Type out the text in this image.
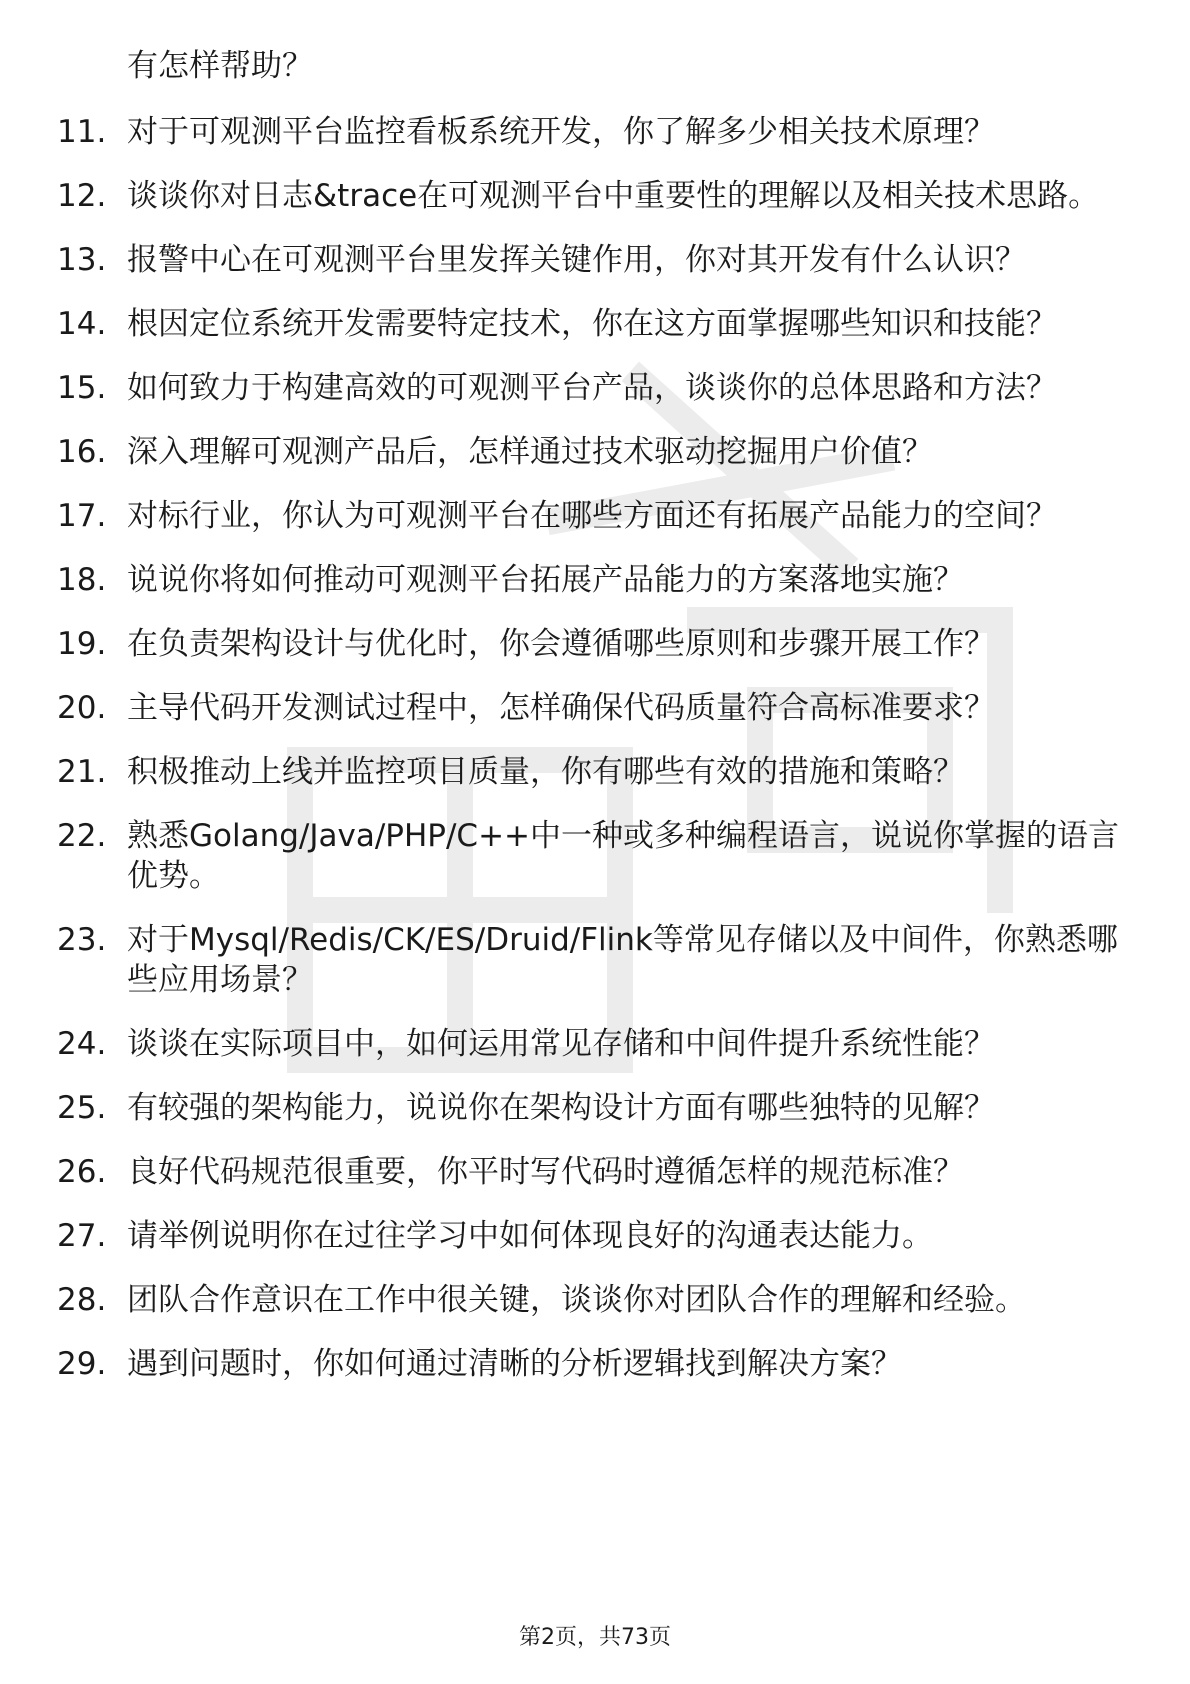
有怎样帮助？

11. 对于可观测平台监控看板系统开发，你了解多少相关技术原理？
12. 谈谈你对日志&trace在可观测平台中重要性的理解以及相关技术思路。
13. 报警中心在可观测平台里发挥关键作用，你对其开发有什么认识？
14. 根因定位系统开发需要特定技术，你在这方面掌握哪些知识和技能？
15. 如何致力于构建高效的可观测平台产品，谈谈你的总体思路和方法？
16. 深入理解可观测产品后，怎样通过技术驱动挖掘用户价值？
17. 对标行业，你认为可观测平台在哪些方面还有拓展产品能力的空间？
18. 说说你将如何推动可观测平台拓展产品能力的方案落地实施？
19. 在负责架构设计与优化时，你会遵循哪些原则和步骤开展工作？
20. 主导代码开发测试过程中，怎样确保代码质量符合高标准要求？
21. 积极推动上线并监控项目质量，你有哪些有效的措施和策略？
22. 熟悉Golang/Java/PHP/C++中一种或多种编程语言，说说你掌握的语言优势。
23. 对于Mysql/Redis/CK/ES/Druid/Flink等常见存储以及中间件，你熟悉哪些应用场景？
24. 谈谈在实际项目中，如何运用常见存储和中间件提升系统性能？
25. 有较强的架构能力，说说你在架构设计方面有哪些独特的见解？
26. 良好代码规范很重要，你平时写代码时遵循怎样的规范标准？
27. 请举例说明你在过往学习中如何体现良好的沟通表达能力。
28. 团队合作意识在工作中很关键，谈谈你对团队合作的理解和经验。
29. 遇到问题时，你如何通过清晰的分析逻辑找到解决方案？
第2页，共73页
